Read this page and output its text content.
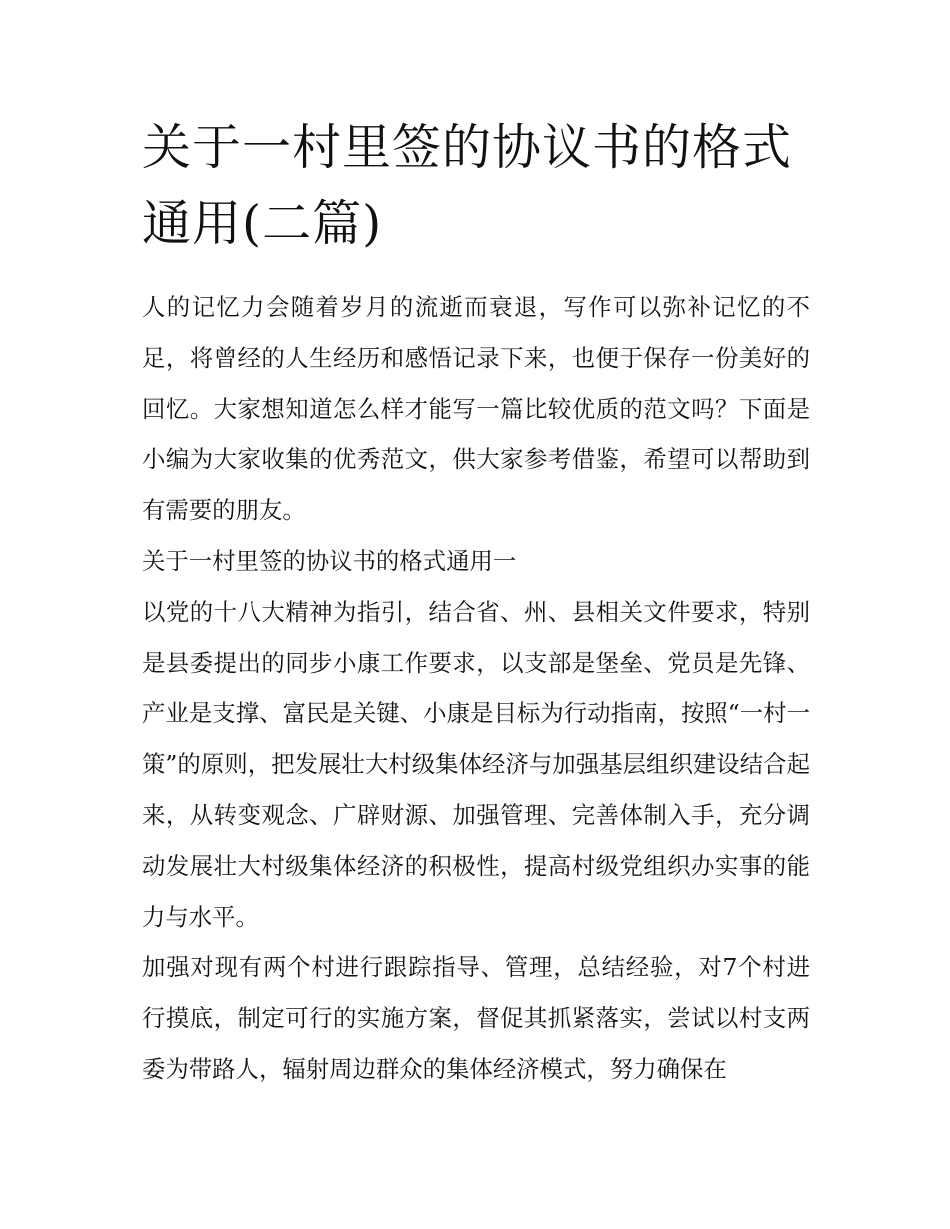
关于一村里签的协议书的格式通用(二篇)

人的记忆力会随着岁月的流逝而衰退，写作可以弥补记忆的不足，将曾经的人生经历和感悟记录下来，也便于保存一份美好的回忆。大家想知道怎么样才能写一篇比较优质的范文吗？下面是小编为大家收集的优秀范文，供大家参考借鉴，希望可以帮助到有需要的朋友。

关于一村里签的协议书的格式通用一

以党的十八大精神为指引，结合省、州、县相关文件要求，特别是县委提出的同步小康工作要求，以支部是堡垒、党员是先锋、产业是支撑、富民是关键、小康是目标为行动指南，按照“一村一策”的原则，把发展壮大村级集体经济与加强基层组织建设结合起来，从转变观念、广辟财源、加强管理、完善体制入手，充分调动发展壮大村级集体经济的积极性，提高村级党组织办实事的能力与水平。

加强对现有两个村进行跟踪指导、管理，总结经验，对7个村进行摸底，制定可行的实施方案，督促其抓紧落实，尝试以村支两委为带路人，辐射周边群众的集体经济模式，努力确保在
